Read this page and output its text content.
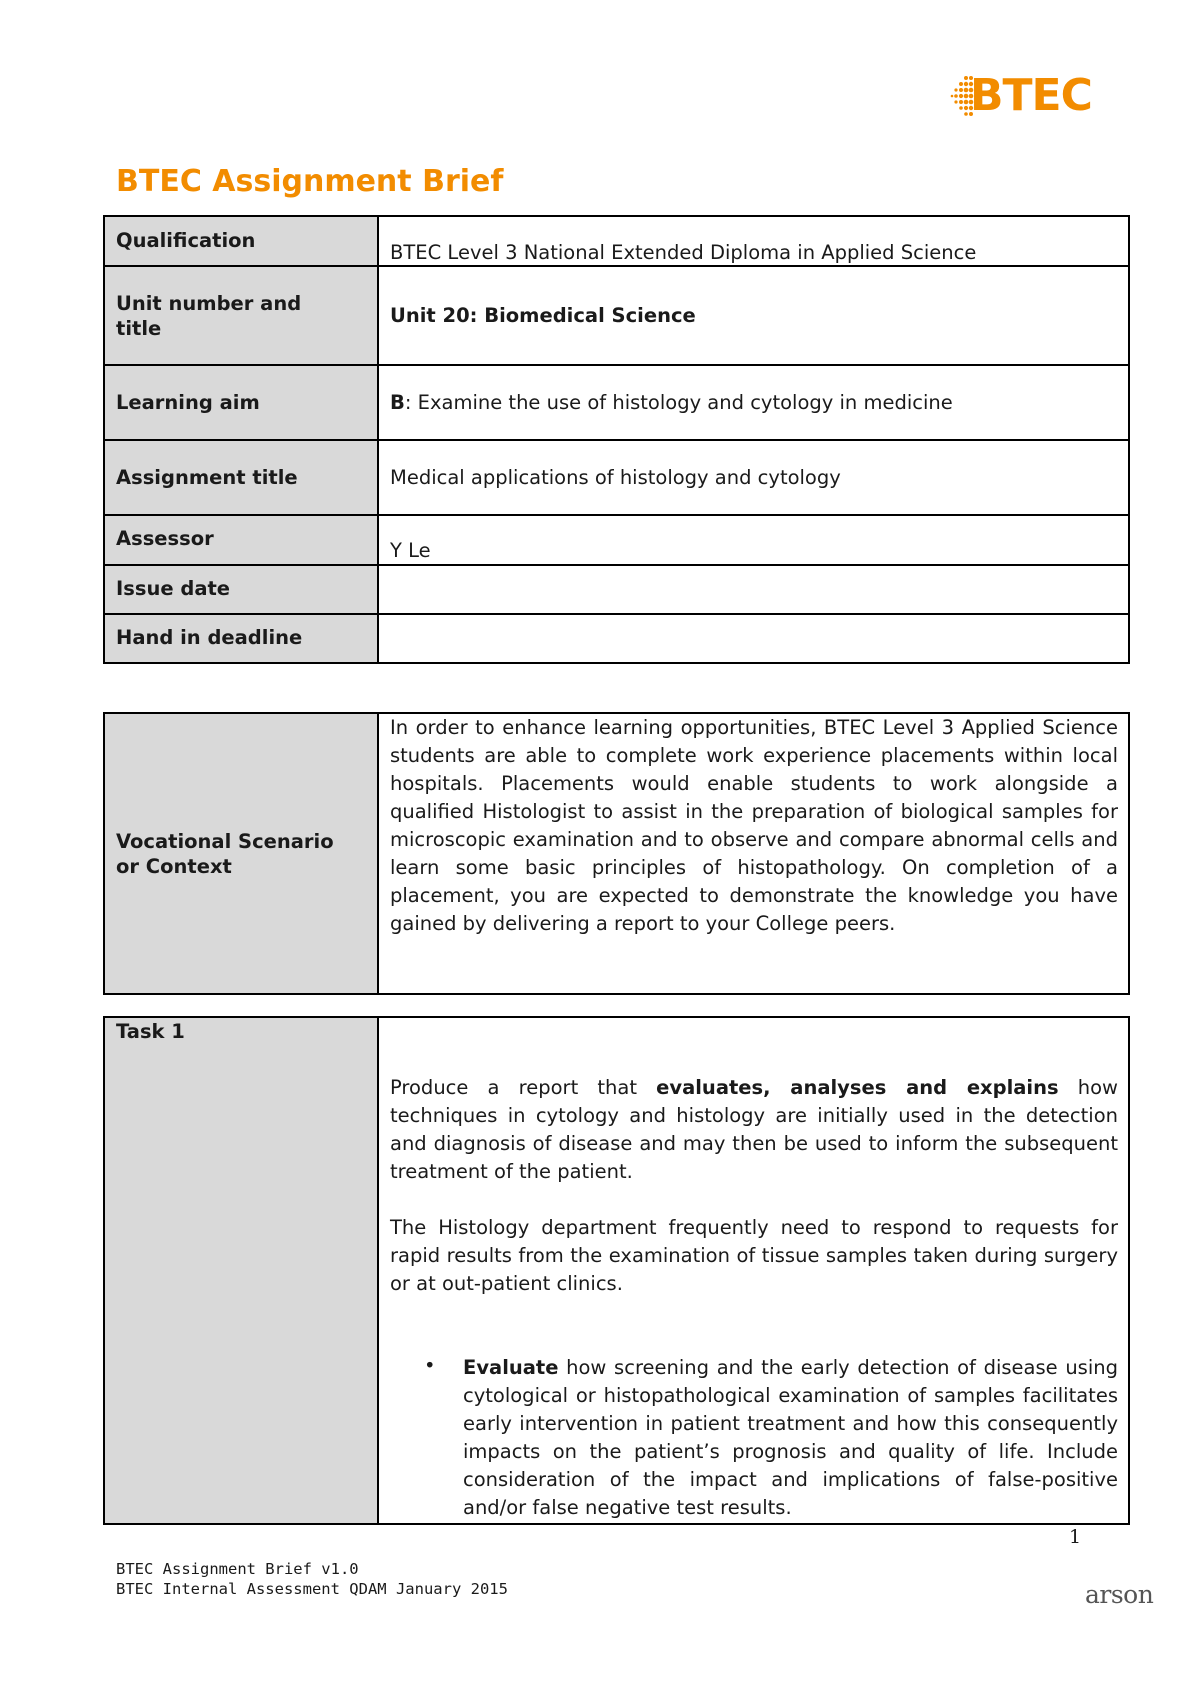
BTEC
BTEC Assignment Brief
Qualification	BTEC Level 3 National Extended Diploma in Applied Science

Unit number and title	Unit 20: Biomedical Science

Learning aim	B: Examine the use of histology and cytology in medicine

Assignment title	Medical applications of histology and cytology

Assessor	Y Le

Issue date	

Hand in deadline	

Vocational Scenario or Context

In order to enhance learning opportunities, BTEC Level 3 Applied Science students are able to complete work experience placements within local hospitals. Placements would enable students to work alongside a qualified Histologist to assist in the preparation of biological samples for microscopic examination and to observe and compare abnormal cells and learn some basic principles of histopathology. On completion of a placement, you are expected to demonstrate the knowledge you have gained by delivering a report to your College peers.

Task 1

Produce a report that evaluates, analyses and explains how techniques in cytology and histology are initially used in the detection and diagnosis of disease and may then be used to inform the subsequent treatment of the patient.

The Histology department frequently need to respond to requests for rapid results from the examination of tissue samples taken during surgery or at out-patient clinics.

• Evaluate how screening and the early detection of disease using cytological or histopathological examination of samples facilitates early intervention in patient treatment and how this consequently impacts on the patient’s prognosis and quality of life. Include consideration of the impact and implications of false-positive and/or false negative test results.

1
BTEC Assignment Brief v1.0
BTEC Internal Assessment QDAM January 2015	arson
